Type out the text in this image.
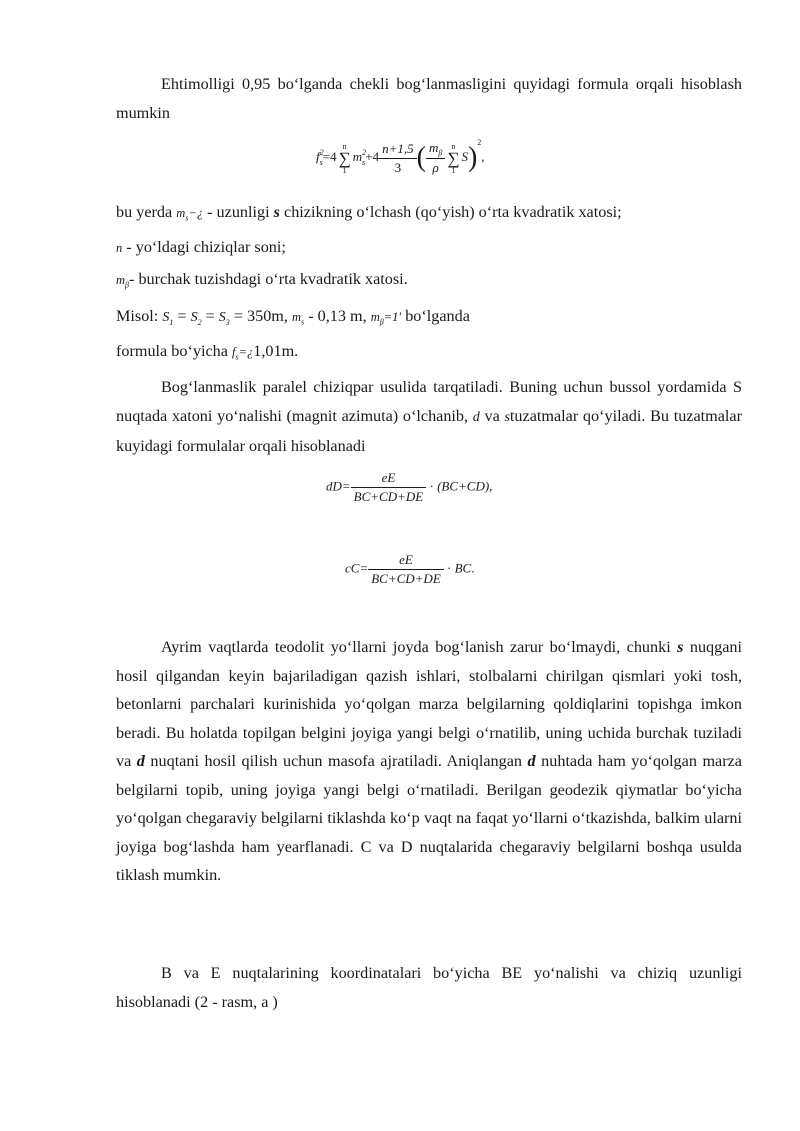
Ehtimolligi 0,95 bo‘lganda chekli bog‘lanmasligini quyidagi formula orqali hisoblash mumkin

$f^2_s=4$
n
∑
1
$m^2_s+4 \frac{n+1,5}{3}$ ( $\frac{m_\beta}{\rho}$ n
∑
1
S)$^2$,

bu yerda $m_s-¿$ - uzunligi s chizikning o‘lchash (qo‘yish) o‘rta kvadratik xatosi;

n - yo‘ldagi chiziqlar soni;

$m_\beta-$ burchak tuzishdagi o‘rta kvadratik xatosi.

Misol: $S_1 = S_2 = S_3 = 350m$, $m_s - 0,13$ m, $m_\beta=1'$ bo‘lganda

formula bo‘yicha $f_s=¿1,01m$.

Bog‘lanmaslik paralel chiziqpar usulida tarqatiladi. Buning uchun bussol yordamida S nuqtada xatoni yo‘nalishi (magnit azimuta) o‘lchanib, d va stuzatmalar qo‘yiladi. Bu tuzatmalar kuyidagi formulalar orqali hisoblanadi

$dD= \frac{eE}{BC+CD+DE} \cdot (BC+CD)$,
$cC= \frac{eE}{BC+CD+DE}$ · BC.

Ayrim vaqtlarda teodolit yo‘llarni joyda bog‘lanish zarur bo‘lmaydi, chunki s nuqgani hosil qilgandan keyin bajariladigan qazish ishlari, stolbalarni chirilgan qismlari yoki tosh, betonlarni parchalari kurinishida yo‘qolgan marza belgilarning qoldiqlarini topishga imkon beradi. Bu holatda topilgan belgini joyiga yangi belgi o‘rnatilib, uning uchida burchak tuziladi va d nuqtani hosil qilish uchun masofa ajratiladi. Aniqlangan d nuhtada ham yo‘qolgan marza belgilarni topib, uning joyiga yangi belgi o‘rnatiladi. Berilgan geodezik qiymatlar bo‘yicha yo‘qolgan chegaraviy belgilarni tiklashda ko‘p vaqt na faqat yo‘llarni o‘tkazishda, balkim ularni joyiga bog‘lashda ham yearflanadi. C va D nuqtalarida chegaraviy belgilarni boshqa usulda tiklash mumkin.

B va E nuqtalarining koordinatalari bo‘yicha BE yo‘nalishi va chiziq uzunligi hisoblanadi (2 - rasm, a )
